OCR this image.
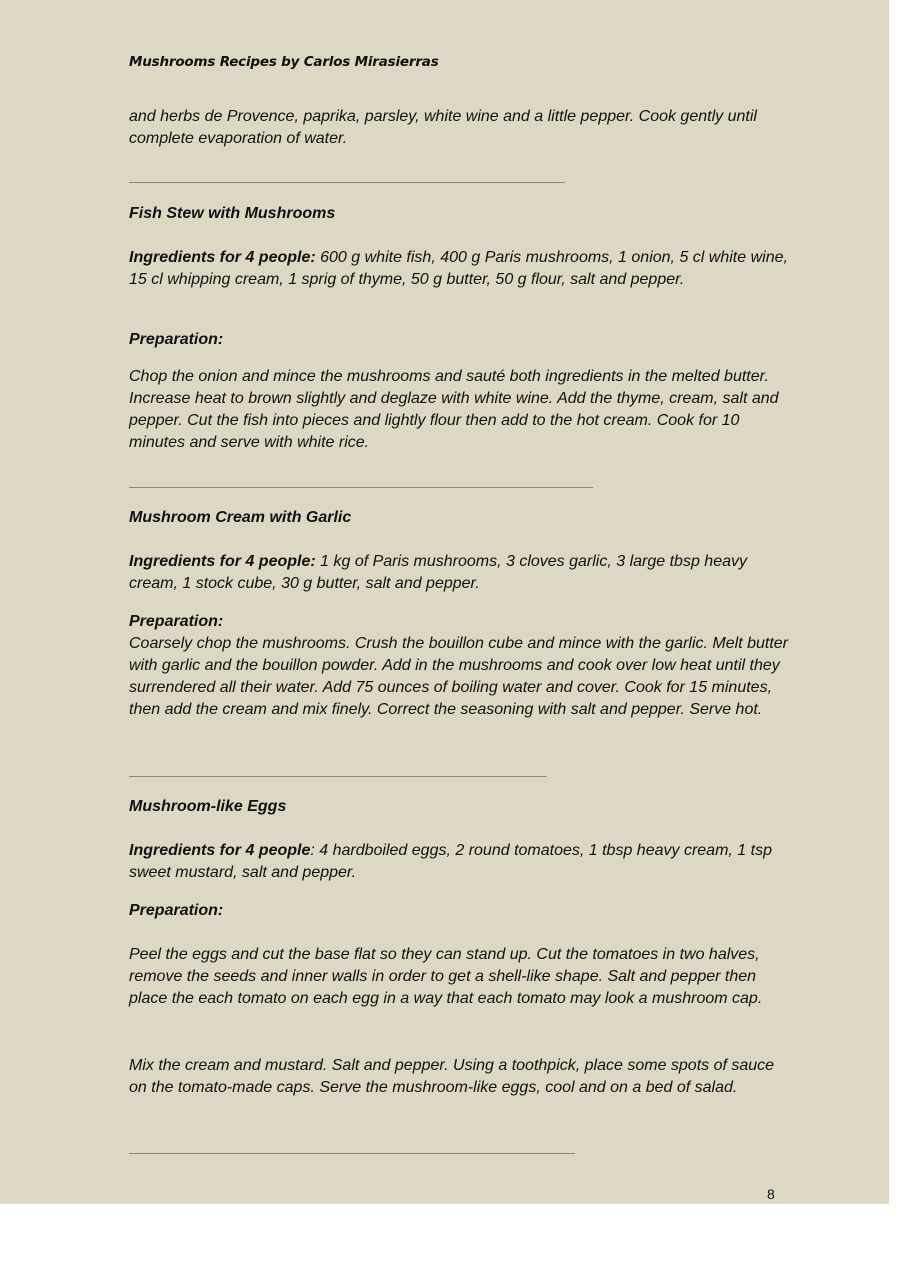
Mushrooms Recipes by Carlos Mirasierras

and herbs de Provence, paprika, parsley, white wine and a little pepper. Cook gently until complete evaporation of water.

Fish Stew with Mushrooms

Ingredients for 4 people: 600 g white fish, 400 g Paris mushrooms, 1 onion, 5 cl white wine, 15 cl whipping cream, 1 sprig of thyme, 50 g butter, 50 g flour, salt and pepper.

Preparation:

Chop the onion and mince the mushrooms and sauté both ingredients in the melted butter. Increase heat to brown slightly and deglaze with white wine. Add the thyme, cream, salt and pepper. Cut the fish into pieces and lightly flour then add to the hot cream. Cook for 10 minutes and serve with white rice.

Mushroom Cream with Garlic

Ingredients for 4 people: 1 kg of Paris mushrooms, 3 cloves garlic, 3 large tbsp heavy cream, 1 stock cube, 30 g butter, salt and pepper.

Preparation:

Coarsely chop the mushrooms. Crush the bouillon cube and mince with the garlic. Melt butter with garlic and the bouillon powder. Add in the mushrooms and cook over low heat until they surrendered all their water. Add 75 ounces of boiling water and cover. Cook for 15 minutes, then add the cream and mix finely. Correct the seasoning with salt and pepper. Serve hot.

Mushroom-like Eggs

Ingredients for 4 people: 4 hardboiled eggs, 2 round tomatoes, 1 tbsp heavy cream, 1 tsp sweet mustard, salt and pepper.

Preparation:

Peel the eggs and cut the base flat so they can stand up. Cut the tomatoes in two halves, remove the seeds and inner walls in order to get a shell-like shape. Salt and pepper then place the each tomato on each egg in a way that each tomato may look a mushroom cap.

Mix the cream and mustard. Salt and pepper. Using a toothpick, place some spots of sauce on the tomato-made caps. Serve the mushroom-like eggs, cool and on a bed of salad.

8
